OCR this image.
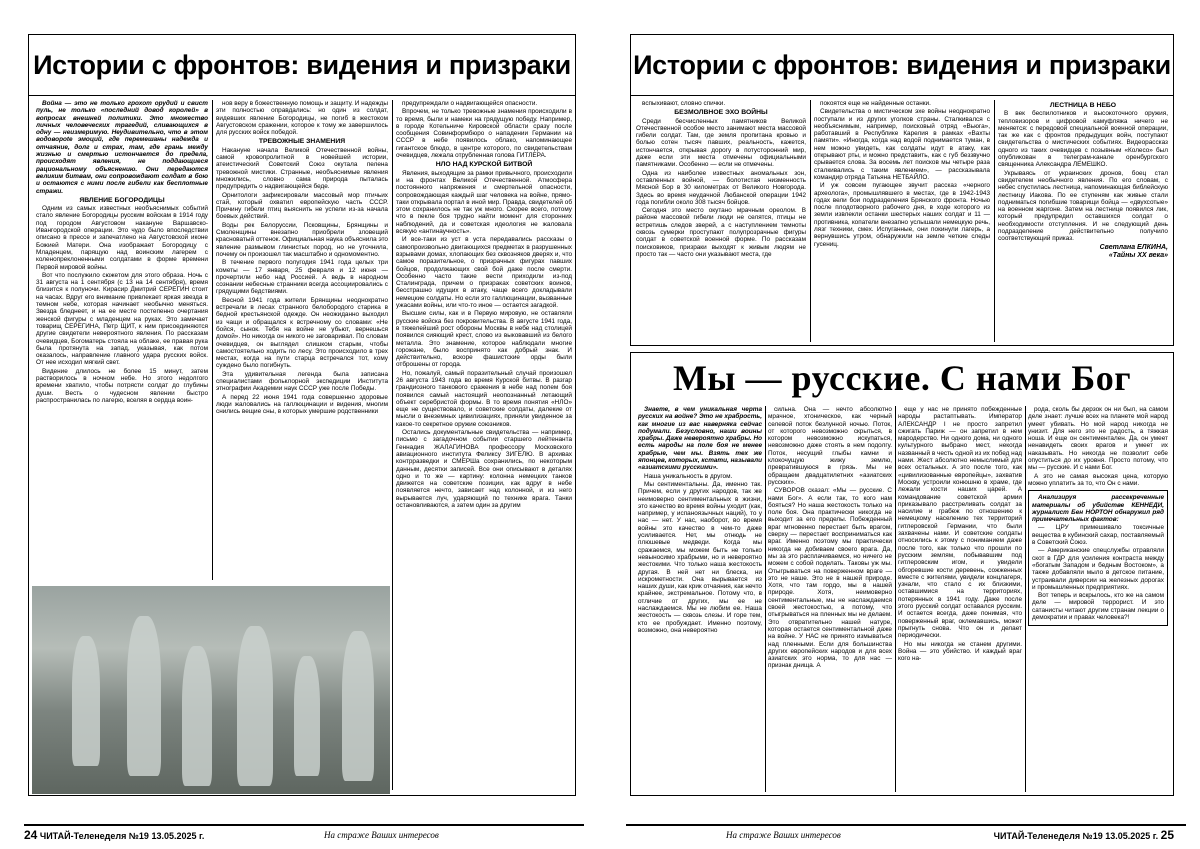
Истории с фронтов: видения и призраки

Война — это не только грохот орудий и свист пуль, не только «последний довод королей» в вопросах внешней политики. Это множество личных человеческих трагедий, сливающихся в одну — неизмеримую. Неудивительно, что в этом водоворote эмоций, где перемешаны надежда и отчаяние, долг и страх, там, где грань между жизнью и смертью истончается до предела, происходят явления, не поддающиеся рациональному объяснению. Они передаются великим битвам, они сопровождают солдат в бою и остаются с ними после гибели как бесплотные стражи.

ЯВЛЕНИЕ БОГОРОДИЦЫ

Одним из самых известных необъяснимых событий стало явление Богородицы русским войскам в 1914 году под городом Августовом накануне Варшавско-Ивангородской операции. Это чудо было впоследствии описано в прессе и запечатлено на Августовской иконе Божией Матери. Она изображает Богородицу с Младенцем, парящую над воинским лагерем с коленопреклоненными солдатами в форме времени Первой мировой войны.

Вот что послужило сюжетом для этого образа. Ночь с 31 августа на 1 сентября (с 13 на 14 сентября), время близится к полуночи. Кирасир Дмитрий СЕРЕГИН стоит на часах. Вдруг его внимание привлекает яркая звезда в темном небе, которая начинает необычно меняться. Звезда бледнеет, и на ее месте постепенно очертания женской фигуры с младенцем на руках. Это замечает товарищ СЕРЕГИНА, Петр ЩИТ, к ним присоединяются другие свидетели невероятного явления. По рассказам очевидцев, Богоматерь стояла на облаке, ее правая рука была протянута на запад, указывая, как потом оказалось, направление главного удара русских войск. От нее исходил мягкий свет.

Видение длилось не более 15 минут, затем растворилось в ночном небе. Но этого недолгого времени хватило, чтобы потрясти солдат до глубины души. Весть о чудесном явлении быстро распространилась по лагерю, вселяя в сердца воин-

нов веру в божественную помощь и защиту. И надежды эти полностью оправдались: но один из солдат, видевших явление Богородицы, не погиб в жестоком Августовском сражении, которое к тому же завершилось для русских войск победой.

ТРЕВОЖНЫЕ ЗНАМЕНИЯ

Накануне начала Великой Отечественной войны, самой кровопролитной в новейшей истории, атеистический Советский Союз окутала пелена тревожной мистики. Странные, необъяснимые явления множились, словно сама природа пыталась предупредить о надвигающейся беде.

Орнитологи зафиксировали массовый мор птичьих стай, который охватил европейскую часть СССР. Причину гибели птиц выяснить не успели из-за начала боевых действий.

Воды рек Белоруссии, Псковщины, Брянщины и Смоленщины внезапно приобрели зловещий красноватый оттенок. Официальная наука объяснила это явление размывом глинистых пород, но не уточнила, почему он произошел так масштабно и одномоментно.

В течение первого полугодия 1941 года целых три кометы — 17 января, 25 февраля и 12 июня — прочертили небо над Россией. А ведь в народном сознании небесные странники всегда ассоциировались с грядущими бедствиями.

Весной 1941 года жители Брянщины неоднократно встречали в лесах странного белобородого старика в бедной крестьянской одежде. Он неожиданно выходил из чащи и обращался к встречному со словами: «Не бойся, сынок. Тебя на войне не убьют, вернешься домой». Но никогда он никого не заговаривал. По словам очевидцев, он выглядел слишком старым, чтобы самостоятельно ходить по лесу. Это происходило в трех местах, когда на пути старца встречался тот, кому суждено было погибнуть.

Эта удивительная легенда была записана специалистами фольклорной экспедиции Института этнографии Академии наук СССР уже после Победы.

А перед 22 июня 1941 года совершенно здоровые люди жаловались на галлюцинации и видения, многим снились вещие сны, в которых умершие родственники

предупреждали о надвигающейся опасности.

Впрочем, не только тревожные знамения происходили в то время, были и намеки на грядущую победу. Например, в городе Котельниче Кировской области сразу после сообщения Совинформбюро о нападении Германии на СССР в небе появилось облако, напоминающее гигантское блюдо, в центре которого, по свидетельствам очевидцев, лежала отрубленная голова ГИТЛЕРА.

НЛО НАД КУРСКОЙ БИТВОЙ

Явления, выходящие за рамки привычного, происходили и на фронтах Великой Отечественной. Атмосфера постоянного напряжения и смертельной опасности, сопровождающая каждый шаг человека на войне, прямо-таки открывала портал в иной мир. Правда, свидетелей об этом сохранилось не так уж много. Скорее всего, потому что в пекле боя трудно найти момент для сторонних наблюдений, да и советская идеология не жаловала всякую «антинаучность».

И все-таки из уст в уста передавались рассказы о самопроизвольно двигающихся предметах в разрушенных взрывами домах, хлопающих без сквозняков дверях и, что самое поразительное, о призрачных фигурах павших бойцов, продолжающих свой бой даже после смерти. Особенно часто такие вести приходили из-под Сталинграда, причем о призраках советских воинов, бесстрашно идущих в атаку, чаще всего докладывали немецкие солдаты. Но если это галлюцинации, вызванные ужасами войны, или что-то иное — остается загадкой.

Высшие силы, как и в Первую мировую, не оставляли русские войска без покровительства. В августе 1941 года, в тяжелейший рост обороны Москвы в небе над столицей появился сияющий крест, слово из выковавший из белого металла. Это знамение, которое наблюдали многие горожане, было воспринято как добрый знак. И действительно, вскоре фашистские орды были отброшены от города.

Но, пожалуй, самый поразительный случай произошел 26 августа 1943 года во время Курской битвы. В разгар грандиозного танкового сражения в небе над полем боя появился самый настоящий неопознанный летающий объект серебристой формы. В то время понятия «НЛО» еще не существовало, и советские солдаты, далекие от мысли о внеземных цивилизациях, приняли увиденное за какое-то секретное оружие союзников.

Остались документальные свидетельства — например, письмо с загадочном событии старшего лейтенанта Геннадия ЖАЛАГИНОВА профессору Московского авиационного института Феликсу ЗИГЕЛЮ. В архивах контрразведки и СМЕРШа сохранились, по некоторым данным, десятки записей. Все они описывают в деталях одно и то же — картину: колонна немецких танков движется на советские позиции, как вдруг в небе появляется нечто, зависает над колонной, и из него вырывается луч, ударяющий по технике врага. Танки остановливаются, а затем один за другим

24 ЧИТАЙ-Теленеделя №19 13.05.2025 г.	На страже Ваших интересов
Истории с фронтов: видения и призраки

вспыхивают, словно спички.

БЕЗМОЛВНОЕ ЭХО ВОЙНЫ

Среди бесчисленных памятников Великой Отечественной особое место занимают места массовой гибели солдат. Там, где земля пропитана кровью и болью сотен тысяч павших, реальность, кажется, истончается, открывая дорогу в потусторонний мир, даже если эти места отмечены официальными памятниками. Особенно — если не отмечены.

Одна из наиболее известных аномальных зон, оставленных войной, — болотистая низменность Мясной Бор в 30 километрах от Великого Новгорода. Здесь во время неудачной Любанской операции 1942 года погибли около 308 тысяч бойцов.

Сегодня это место окутано мрачным ореолом. В районе массовой гибели люди не селятся, птицы не встретишь следов зверей, а с наступлением темноты сквозь сумерки проступают полупрозрачные фигуры солдат в советской военной форме. По рассказам поисковиков, призраки выходят к живым людям не просто так — часто они указывают места, где

покоятся еще не найденные останки.

Свидетельства о мистическом эхе войны неоднократно поступали и из других уголков страны. Сталкивался с необъяснимым, например, поисковый отряд «Вьюга», работавший в Республике Карелия в рамках «Вахты памяти». «Иногда, когда над водой поднимается туман, в нем можно увидеть, как солдаты идут в атаку, как открывают рты, и можно представить, как с губ беззвучно срывается слова. За восемь лет поисков мы четыре раза сталкивались с таким явлением», — рассказывала командир отряда Татьяна НЕТБАЙЛО.

И уж совсем пугающее звучит рассказ «черного археолога», промышлявшего в местах, где в 1942-1943 годах вели бои подразделения Брянского фронта. Ночью после плодотворного рабочего дня, в ходе которого из земли извлекли останки шестерых наших солдат и 11 — противника, копатели внезапно услышали немецкую речь, лязг техники, смех. Испуганные, они покинули лагерь, а вернувшись утром, обнаружили на земле четкие следы гусениц.

ЛЕСТНИЦА В НЕБО

В век беспилотников и высокоточного оружия, тепловизоров и цифровой камуфляжа ничего не меняется: с передовой специальной военной операции, так же как с фронтов предыдущих войн, поступают свидетельства о мистических событиях. Видеорассказ одного из таких очевидцев с позывным «Колесо» был опубликован в телеграм-канале оренбургского священника Александра ЛЕМЕШКО.

Укрываясь от украинских дронов, боец стал свидетелем необычного явления. По его словам, с небес спустилась лестница, напоминающая библейскую лестницу Иакова. По ее ступеням как живые стали подниматься погибшие товарищи бойца — «двухсотые» на военном жаргоне. Затем на лестнице появился лик, который предупредил оставшихся солдат о необходимости отступления. И не следующий день подразделение действительно получило соответствующий приказ.

Светлана ЕЛКИНА,

«Тайны XX века»

Мы — русские. С нами Бог

Знаете, в чем уникальная черта русских на войне? Это не храбрость, как многие из вас наверняка сейчас подумали. Безусловно, наши воины храбры. Даже невероятно храбры. Но есть народы на поле боя не менее храбрые, чем мы. Взять тех же японцев, которых, кстати, называли «азиатскими русскими».

Наша уникальность в другом.

Мы сентиментальны. Да, именно так. Причем, если у других народов, так же неимоверно сентиментальных в жизни, это качество во время войны уходит (как, например, у испаноязычных наций), то у нас — нет. У нас, наоборот, во время войны это качество в чем-то даже усиливается. Нет, мы отнюдь не плюшевые медведи. Когда мы сражаемся, мы можем быть не только невыносимо храбрыми, но и невероятно жестокими. Что только наша жестокость другая. В ней нет ни блеска, ни искрометности. Она вырывается из наших души, как крик отчаяния, как нечто крайнее, экстремальное. Потому что, в отличие от других, мы ее не наслаждаемся. Мы не любим ее. Наша жестокость — сквозь слезы. И горе тем, кто ее пробуждает. Именно поэтому, возможно, она невероятно

сильна. Она — нечто абсолютно мрачное, хтоническое, как черный селевой поток безлунной ночью. Поток, от которого невозможно скрыться, в котором невозможно искупаться, невозможно даже стоять в нем подолгу. Поток, несущий глыбы камни и клокочущую жижу землю, превратившуюся в грязь. Мы не обращаем двадцатилетних «азиатских русских».

СУВОРОВ сказал: «Мы — русские. С нами Бог». А если так, то кого нам бояться? Но наша жестокость только на поле боя. Она практически никогда не выходит за его пределы. Побежденный враг мгновенно перестает быть врагом, сверху — перестает восприниматься как враг. Именно поэтому мы практически никогда не добиваем своего врага. Да, мы за это расплачиваемся, но ничего не можем с собой поделать. Таковы уж мы. Отыгрываться на поверженном враге — это не наше. Это не в нашей природе. Хотя, что там гордо, мы в нашей природе. Хотя, неимоверно сентиментальные, мы не наслаждаемся своей жестокостью, а потому, что отыгрываться на пленных мы не делаем. Это отвратительно нашей натуре, которая остается сентиментальной даже на войне. У НАС не принято измываться над пленными. Если для большинства других европейских народов и для всех азиатских это норма, то для нас — признак днища. А

еще у нас не принято побежденные народы растаптывать. Император АЛЕКСАНДР I не просто запретил сжигать Париж — он запретил в нем мародерство. Ни одного дома, ни одного культурного выбрано мест, некогда названный в честь одной из их побед над нами. Жест абсолютно немыслимый для всех остальных. А это после того, как «цивилизованные европейцы», захватив Москву, устроили конюшню в храме, где лежали кости наших царей. А командование советской армии приказывало расстреливать солдат за насилие и грабеж по отношению к немецкому населению тех территорий гитлеровской Германии, что были захвачены нами. И советские солдаты относились к этому с пониманием даже после того, как только что прошли по русским землям, побывавшим под гитлеровским игом, и увидели обгоревшие кости деревень, сожженных вместе с жителями, увидели концлагеря, узнали, что стало с их близкими, оставшимися на территориях, потерянных в 1941 году. Даже после этого русский солдат оставался русским. И остается всегда, даже понимая, что поверженный враг, оклемавшись, может прыгнуть снова. Что он и делает периодически.

Но мы никогда не станем другими. Война — это убийство. И каждый враг кого на-

рода, сколь бы дерзок он ни был, на самом деле знает: лучше всех на планете мой народ умеет убивать. Но мой народ никогда не унизит. Для него это не радость, а тяжкая ноша. И еще он сентиментален. Да, он умеет ненавидеть своих врагов и умеет их наказывать. Но никогда не позволит себе опуститься до их уровня. Просто потому, что мы — русские. И с нами Бог.

А это не самая высокая цена, которую можно уплатить за то, что Он с нами.

Анализируя рассекреченные материалы об убийстве КЕННЕДИ, журналист Бен НОРТОН обнаружил ряд примечательных фактов:

— ЦРУ примешивало токсичные вещества в кубинский сахар, поставляемый в Советский Союз.

— Американские спецслужбы отравляли скот в ГДР для усиления контраста между «богатым Западом и бедным Востоком», а также добавляли мыло в детское питание, устраивали диверсии на железных дорогах и промышленных предприятиях.

Вот теперь и вскрылось, кто же на самом деле — мировой террорист. И это сатанисты читают другим странам лекции о демократии и правах человека?!

На страже Ваших интересов	ЧИТАЙ-Теленеделя №19 13.05.2025 г. 25
